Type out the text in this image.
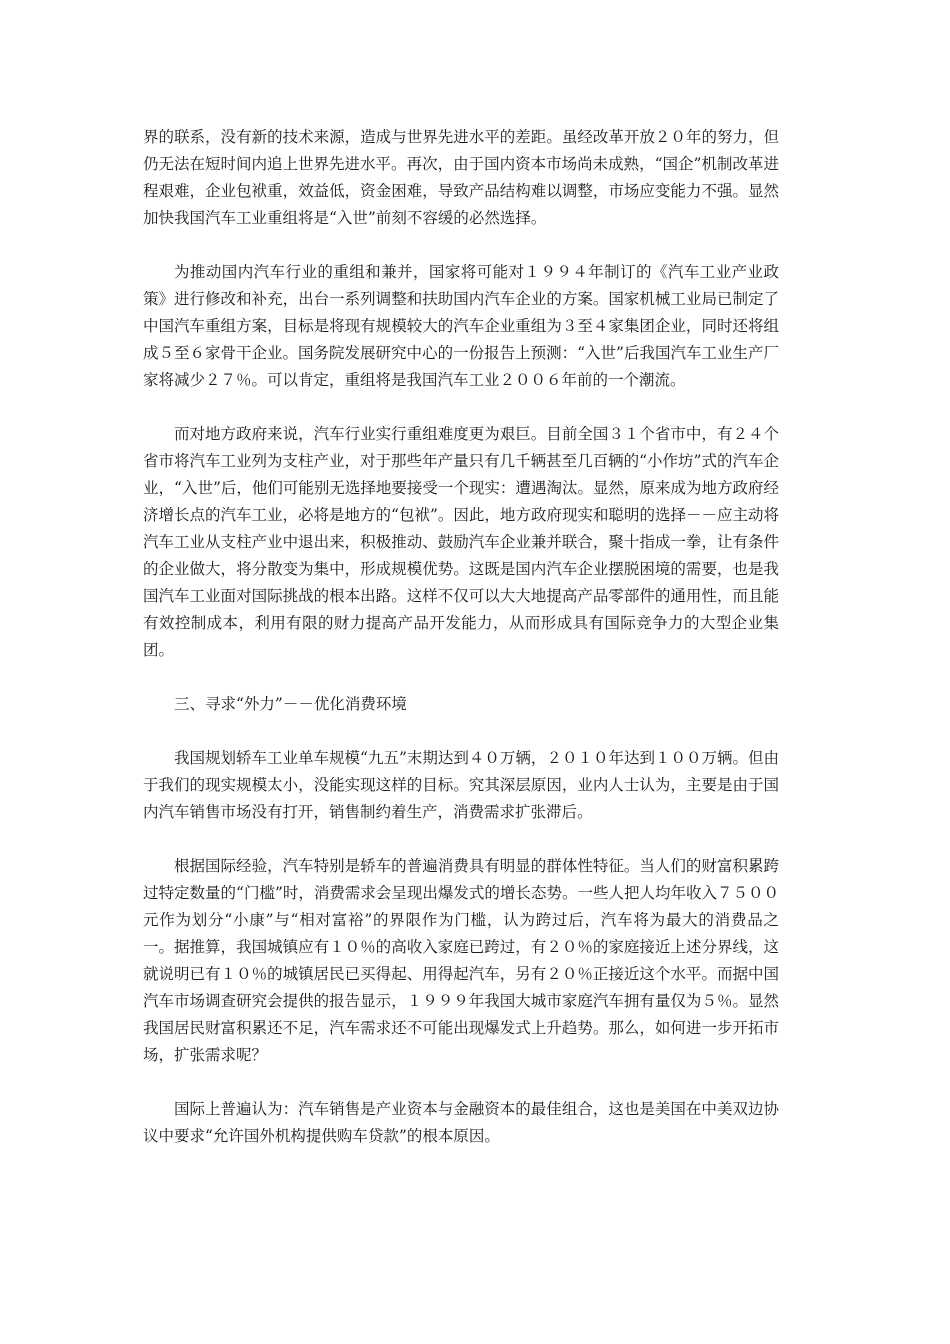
界的联系，没有新的技术来源，造成与世界先进水平的差距。虽经改革开放２０年的努力，但仍无法在短时间内追上世界先进水平。再次，由于国内资本市场尚未成熟，“国企”机制改革进程艰难，企业包袱重，效益低，资金困难，导致产品结构难以调整，市场应变能力不强。显然加快我国汽车工业重组将是“入世”前刻不容缓的必然选择。

为推动国内汽车行业的重组和兼并，国家将可能对１９９４年制订的《汽车工业产业政策》进行修改和补充，出台一系列调整和扶助国内汽车企业的方案。国家机械工业局已制定了中国汽车重组方案，目标是将现有规模较大的汽车企业重组为３至４家集团企业，同时还将组成５至６家骨干企业。国务院发展研究中心的一份报告上预测：“入世”后我国汽车工业生产厂家将减少２７％。可以肯定，重组将是我国汽车工业２００６年前的一个潮流。

而对地方政府来说，汽车行业实行重组难度更为艰巨。目前全国３１个省市中，有２４个省市将汽车工业列为支柱产业，对于那些年产量只有几千辆甚至几百辆的“小作坊”式的汽车企业，“入世”后，他们可能别无选择地要接受一个现实：遭遇淘汰。显然，原来成为地方政府经济增长点的汽车工业，必将是地方的“包袱”。因此，地方政府现实和聪明的选择－－应主动将汽车工业从支柱产业中退出来，积极推动、鼓励汽车企业兼并联合，聚十指成一拳，让有条件的企业做大，将分散变为集中，形成规模优势。这既是国内汽车企业摆脱困境的需要，也是我国汽车工业面对国际挑战的根本出路。这样不仅可以大大地提高产品零部件的通用性，而且能有效控制成本，利用有限的财力提高产品开发能力，从而形成具有国际竞争力的大型企业集团。

三、寻求“外力”－－优化消费环境

我国规划轿车工业单车规模“九五”末期达到４０万辆，２０１０年达到１００万辆。但由于我们的现实规模太小，没能实现这样的目标。究其深层原因，业内人士认为，主要是由于国内汽车销售市场没有打开，销售制约着生产，消费需求扩张滞后。

根据国际经验，汽车特别是轿车的普遍消费具有明显的群体性特征。当人们的财富积累跨过特定数量的“门槛”时，消费需求会呈现出爆发式的增长态势。一些人把人均年收入７５００元作为划分“小康”与“相对富裕”的界限作为门槛，认为跨过后，汽车将为最大的消费品之一。据推算，我国城镇应有１０％的高收入家庭已跨过，有２０％的家庭接近上述分界线，这就说明已有１０％的城镇居民已买得起、用得起汽车，另有２０％正接近这个水平。而据中国汽车市场调查研究会提供的报告显示，１９９９年我国大城市家庭汽车拥有量仅为５％。显然我国居民财富积累还不足，汽车需求还不可能出现爆发式上升趋势。那么，如何进一步开拓市场，扩张需求呢？

国际上普遍认为：汽车销售是产业资本与金融资本的最佳组合，这也是美国在中美双边协议中要求“允许国外机构提供购车贷款”的根本原因。
